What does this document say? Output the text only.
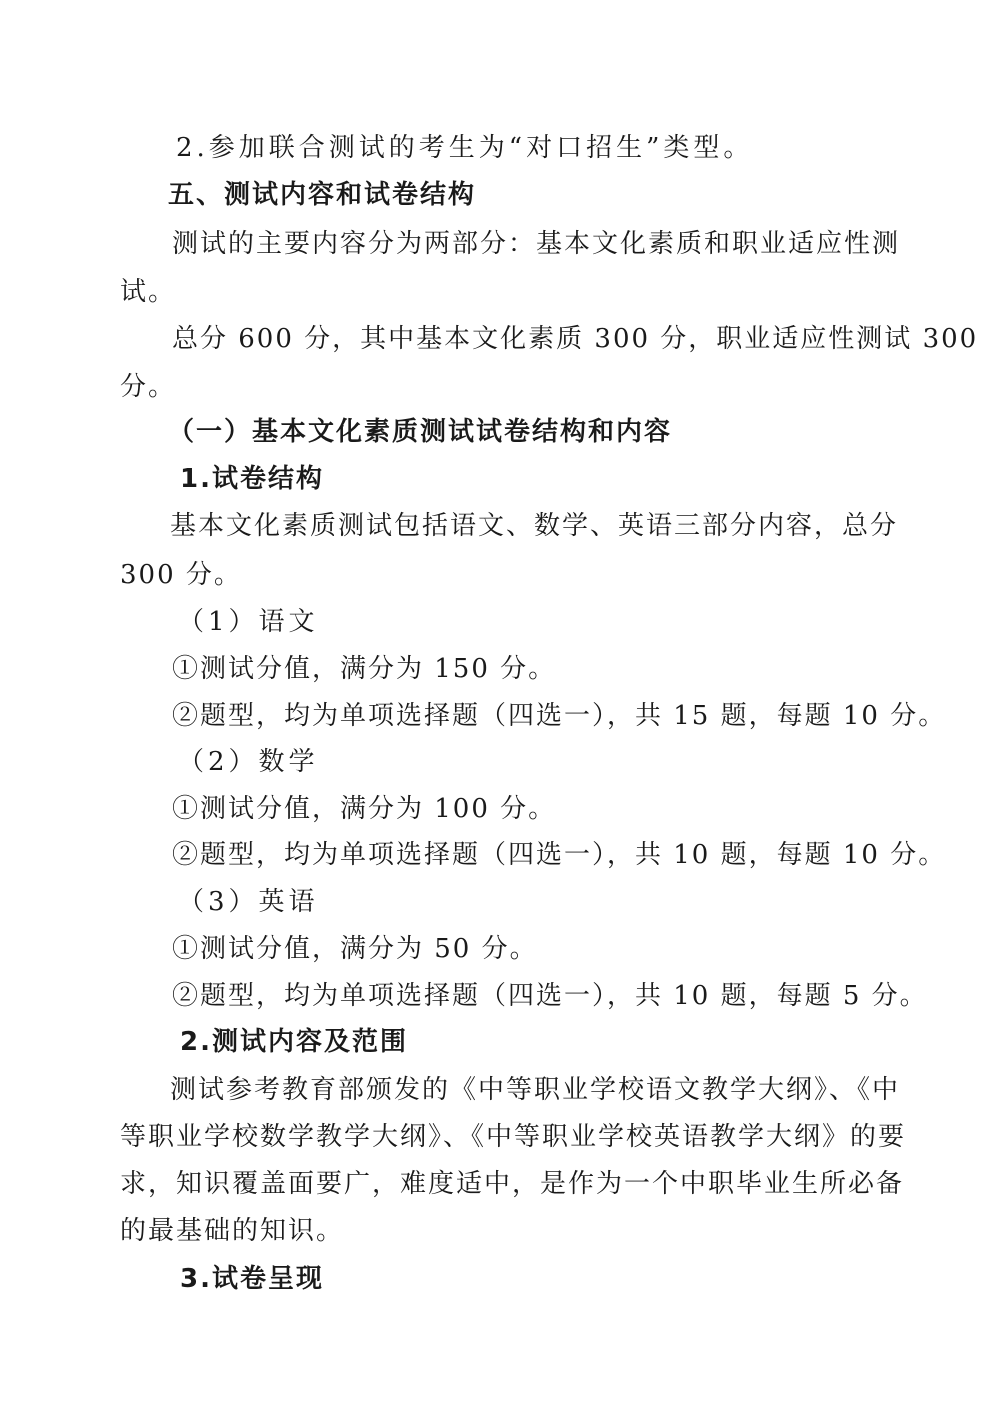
2.参加联合测试的考生为“对口招生”类型。
五、测试内容和试卷结构
测试的主要内容分为两部分：基本文化素质和职业适应性测
试。
总分 600 分，其中基本文化素质 300 分，职业适应性测试 300
分。
（一）基本文化素质测试试卷结构和内容
1.试卷结构
基本文化素质测试包括语文、数学、英语三部分内容，总分
300 分。
（1）语文
①测试分值，满分为 150 分。
②题型，均为单项选择题（四选一），共 15 题，每题 10 分。
（2）数学
①测试分值，满分为 100 分。
②题型，均为单项选择题（四选一），共 10 题，每题 10 分。
（3）英语
①测试分值，满分为 50 分。
②题型，均为单项选择题（四选一），共 10 题，每题 5 分。
2.测试内容及范围
测试参考教育部颁发的《中等职业学校语文教学大纲》、《中
等职业学校数学教学大纲》、《中等职业学校英语教学大纲》的要
求，知识覆盖面要广，难度适中，是作为一个中职毕业生所必备
的最基础的知识。
3.试卷呈现
